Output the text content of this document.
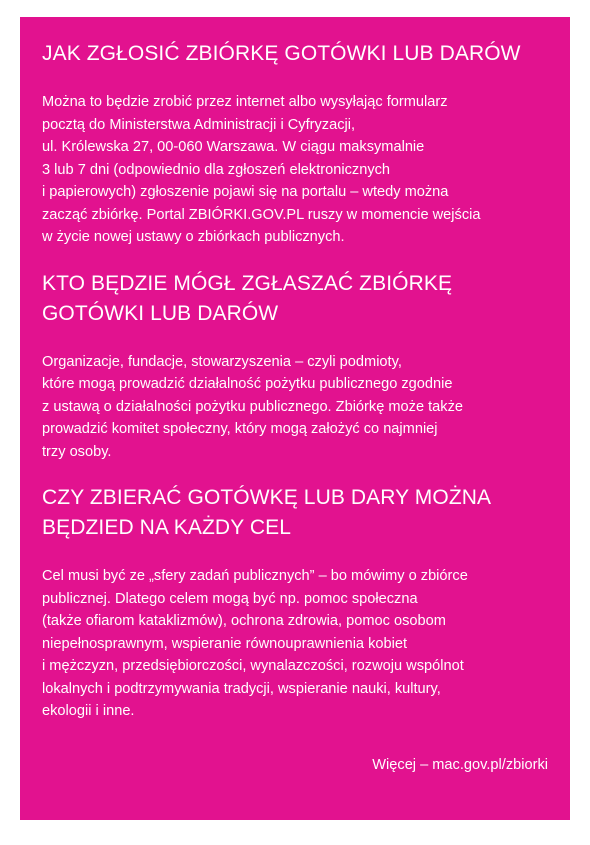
JAK ZGŁOSIĆ ZBIÓRKĘ GOTÓWKI LUB DARÓW

Można to będzie zrobić przez internet albo wysyłając formularz
pocztą do Ministerstwa Administracji i Cyfryzacji,
ul. Królewska 27, 00-060 Warszawa. W ciągu maksymalnie
3 lub 7 dni (odpowiednio dla zgłoszeń elektronicznych
i papierowych) zgłoszenie pojawi się na portalu – wtedy można
zacząć zbiórkę. Portal ZBIÓRKI.GOV.PL ruszy w momencie wejścia
w życie nowej ustawy o zbiórkach publicznych.

KTO BĘDZIE MÓGŁ ZGŁASZAĆ ZBIÓRKĘ
GOTÓWKI LUB DARÓW

Organizacje, fundacje, stowarzyszenia – czyli podmioty,
które mogą prowadzić działalność pożytku publicznego zgodnie
z ustawą o działalności pożytku publicznego. Zbiórkę może także
prowadzić komitet społeczny, który mogą założyć co najmniej
trzy osoby.

CZY ZBIERAĆ GOTÓWKĘ LUB DARY MOŻNA
BĘDZIED NA KAŻDY CEL

Cel musi być ze „sfery zadań publicznych” – bo mówimy o zbiórce
publicznej. Dlatego celem mogą być np. pomoc społeczna
(także ofiarom kataklizmów), ochrona zdrowia, pomoc osobom
niepełnosprawnym, wspieranie równouprawnienia kobiet
i mężczyzn, przedsiębiorczości, wynalazczości, rozwoju wspólnot
lokalnych i podtrzymywania tradycji, wspieranie nauki, kultury,
ekologii i inne.

Więcej – mac.gov.pl/zbiorki
